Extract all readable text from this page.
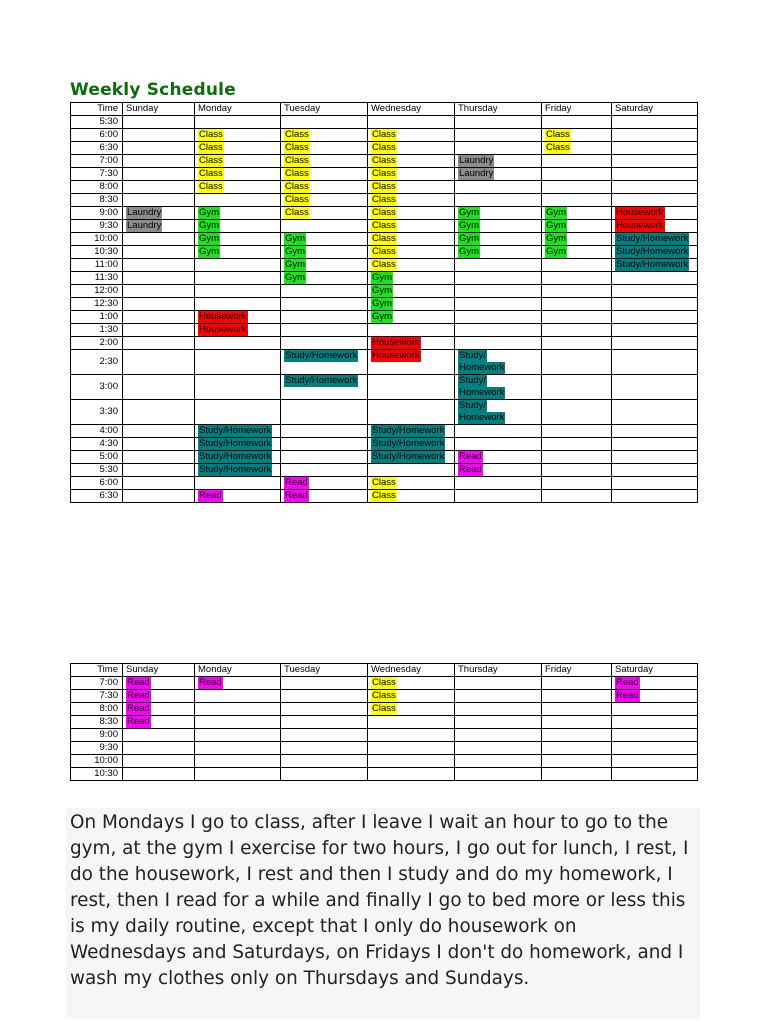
Weekly Schedule
Time	Sunday	Monday	Tuesday	Wednesday	Thursday	Friday	Saturday
5:30							
6:00		Class	Class	Class		Class	
6:30		Class	Class	Class		Class	
7:00		Class	Class	Class	Laundry		
7:30		Class	Class	Class	Laundry		
8:00		Class	Class	Class			
8:30			Class	Class			
9:00	Laundry	Gym	Class	Class	Gym	Gym	Housework
9:30	Laundry	Gym		Class	Gym	Gym	Housework
10:00		Gym	Gym	Class	Gym	Gym	Study/Homework
10:30		Gym	Gym	Class	Gym	Gym	Study/Homework
11:00			Gym	Class			Study/Homework
11:30			Gym	Gym			
12:00				Gym			
12:30				Gym			
1:00		Housework		Gym			
1:30		Housework					
2:00				Housework			
2:30			Study/Homework	Housework	Study/
Homework		
3:00			Study/Homework		Study/
Homework		
3:30					Study/
Homework		
4:00		Study/Homework		Study/Homework			
4:30		Study/Homework		Study/Homework			
5:00		Study/Homework		Study/Homework	Read		
5:30		Study/Homework			Read		
6:00			Read	Class			
6:30		Read	Read	Class			
Time	Sunday	Monday	Tuesday	Wednesday	Thursday	Friday	Saturday
7:00	Read	Read		Class			Read
7:30	Read			Class			Read
8:00	Read			Class			
8:30	Read						
9:00							
9:30							
10:00							
10:30							

On Mondays I go to class, after I leave I wait an hour to go to the gym, at the gym I exercise for two hours, I go out for lunch, I rest, I do the housework, I rest and then I study and do my homework, I rest, then I read for a while and finally I go to bed more or less this is my daily routine, except that I only do housework on Wednesdays and Saturdays, on Fridays I don't do homework, and I wash my clothes only on Thursdays and Sundays.
